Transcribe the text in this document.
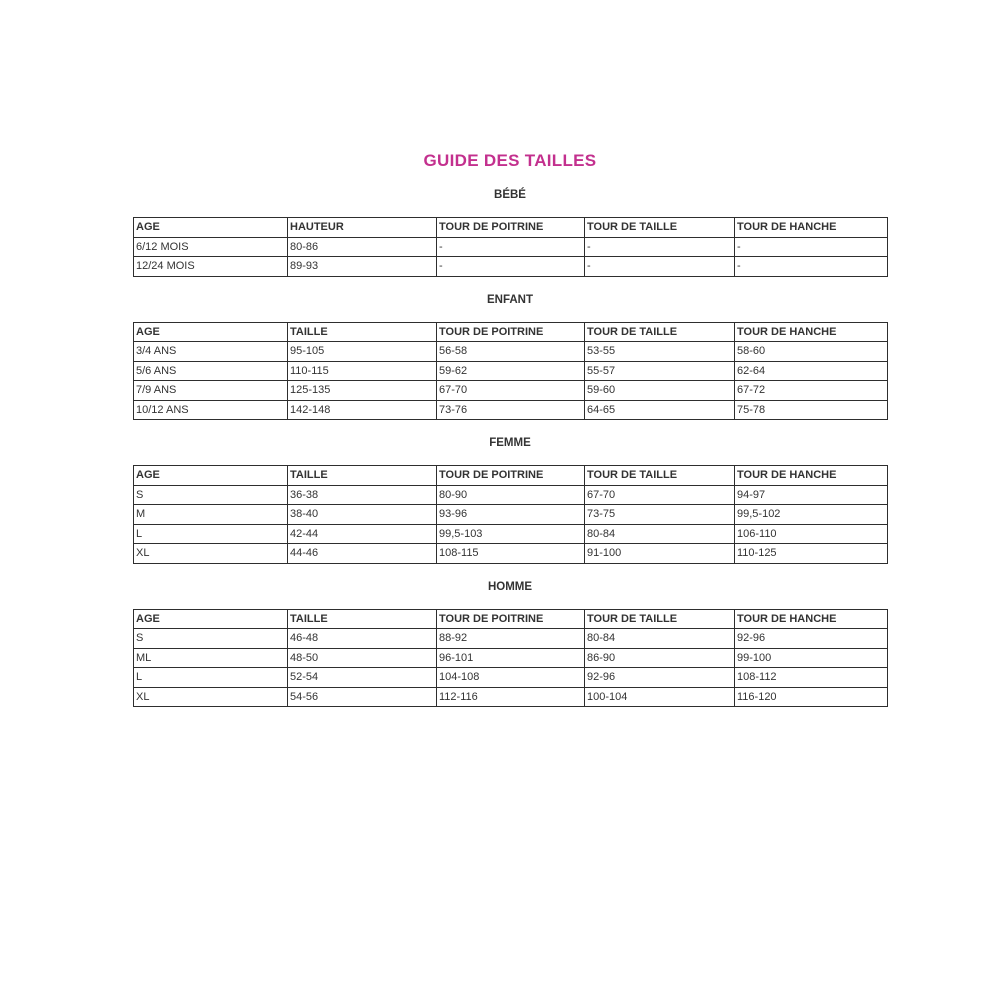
GUIDE DES TAILLES
BÉBÉ
AGE	HAUTEUR	TOUR DE POITRINE	TOUR DE TAILLE	TOUR DE HANCHE
6/12 MOIS	80-86	-	-	-
12/24 MOIS	89-93	-	-	-
ENFANT
AGE	TAILLE	TOUR DE POITRINE	TOUR DE TAILLE	TOUR DE HANCHE
3/4 ANS	95-105	56-58	53-55	58-60
5/6 ANS	110-115	59-62	55-57	62-64
7/9 ANS	125-135	67-70	59-60	67-72
10/12 ANS	142-148	73-76	64-65	75-78
FEMME
AGE	TAILLE	TOUR DE POITRINE	TOUR DE TAILLE	TOUR DE HANCHE
S	36-38	80-90	67-70	94-97
M	38-40	93-96	73-75	99,5-102
L	42-44	99,5-103	80-84	106-110
XL	44-46	108-115	91-100	110-125
HOMME
AGE	TAILLE	TOUR DE POITRINE	TOUR DE TAILLE	TOUR DE HANCHE
S	46-48	88-92	80-84	92-96
ML	48-50	96-101	86-90	99-100
L	52-54	104-108	92-96	108-112
XL	54-56	112-116	100-104	116-120
